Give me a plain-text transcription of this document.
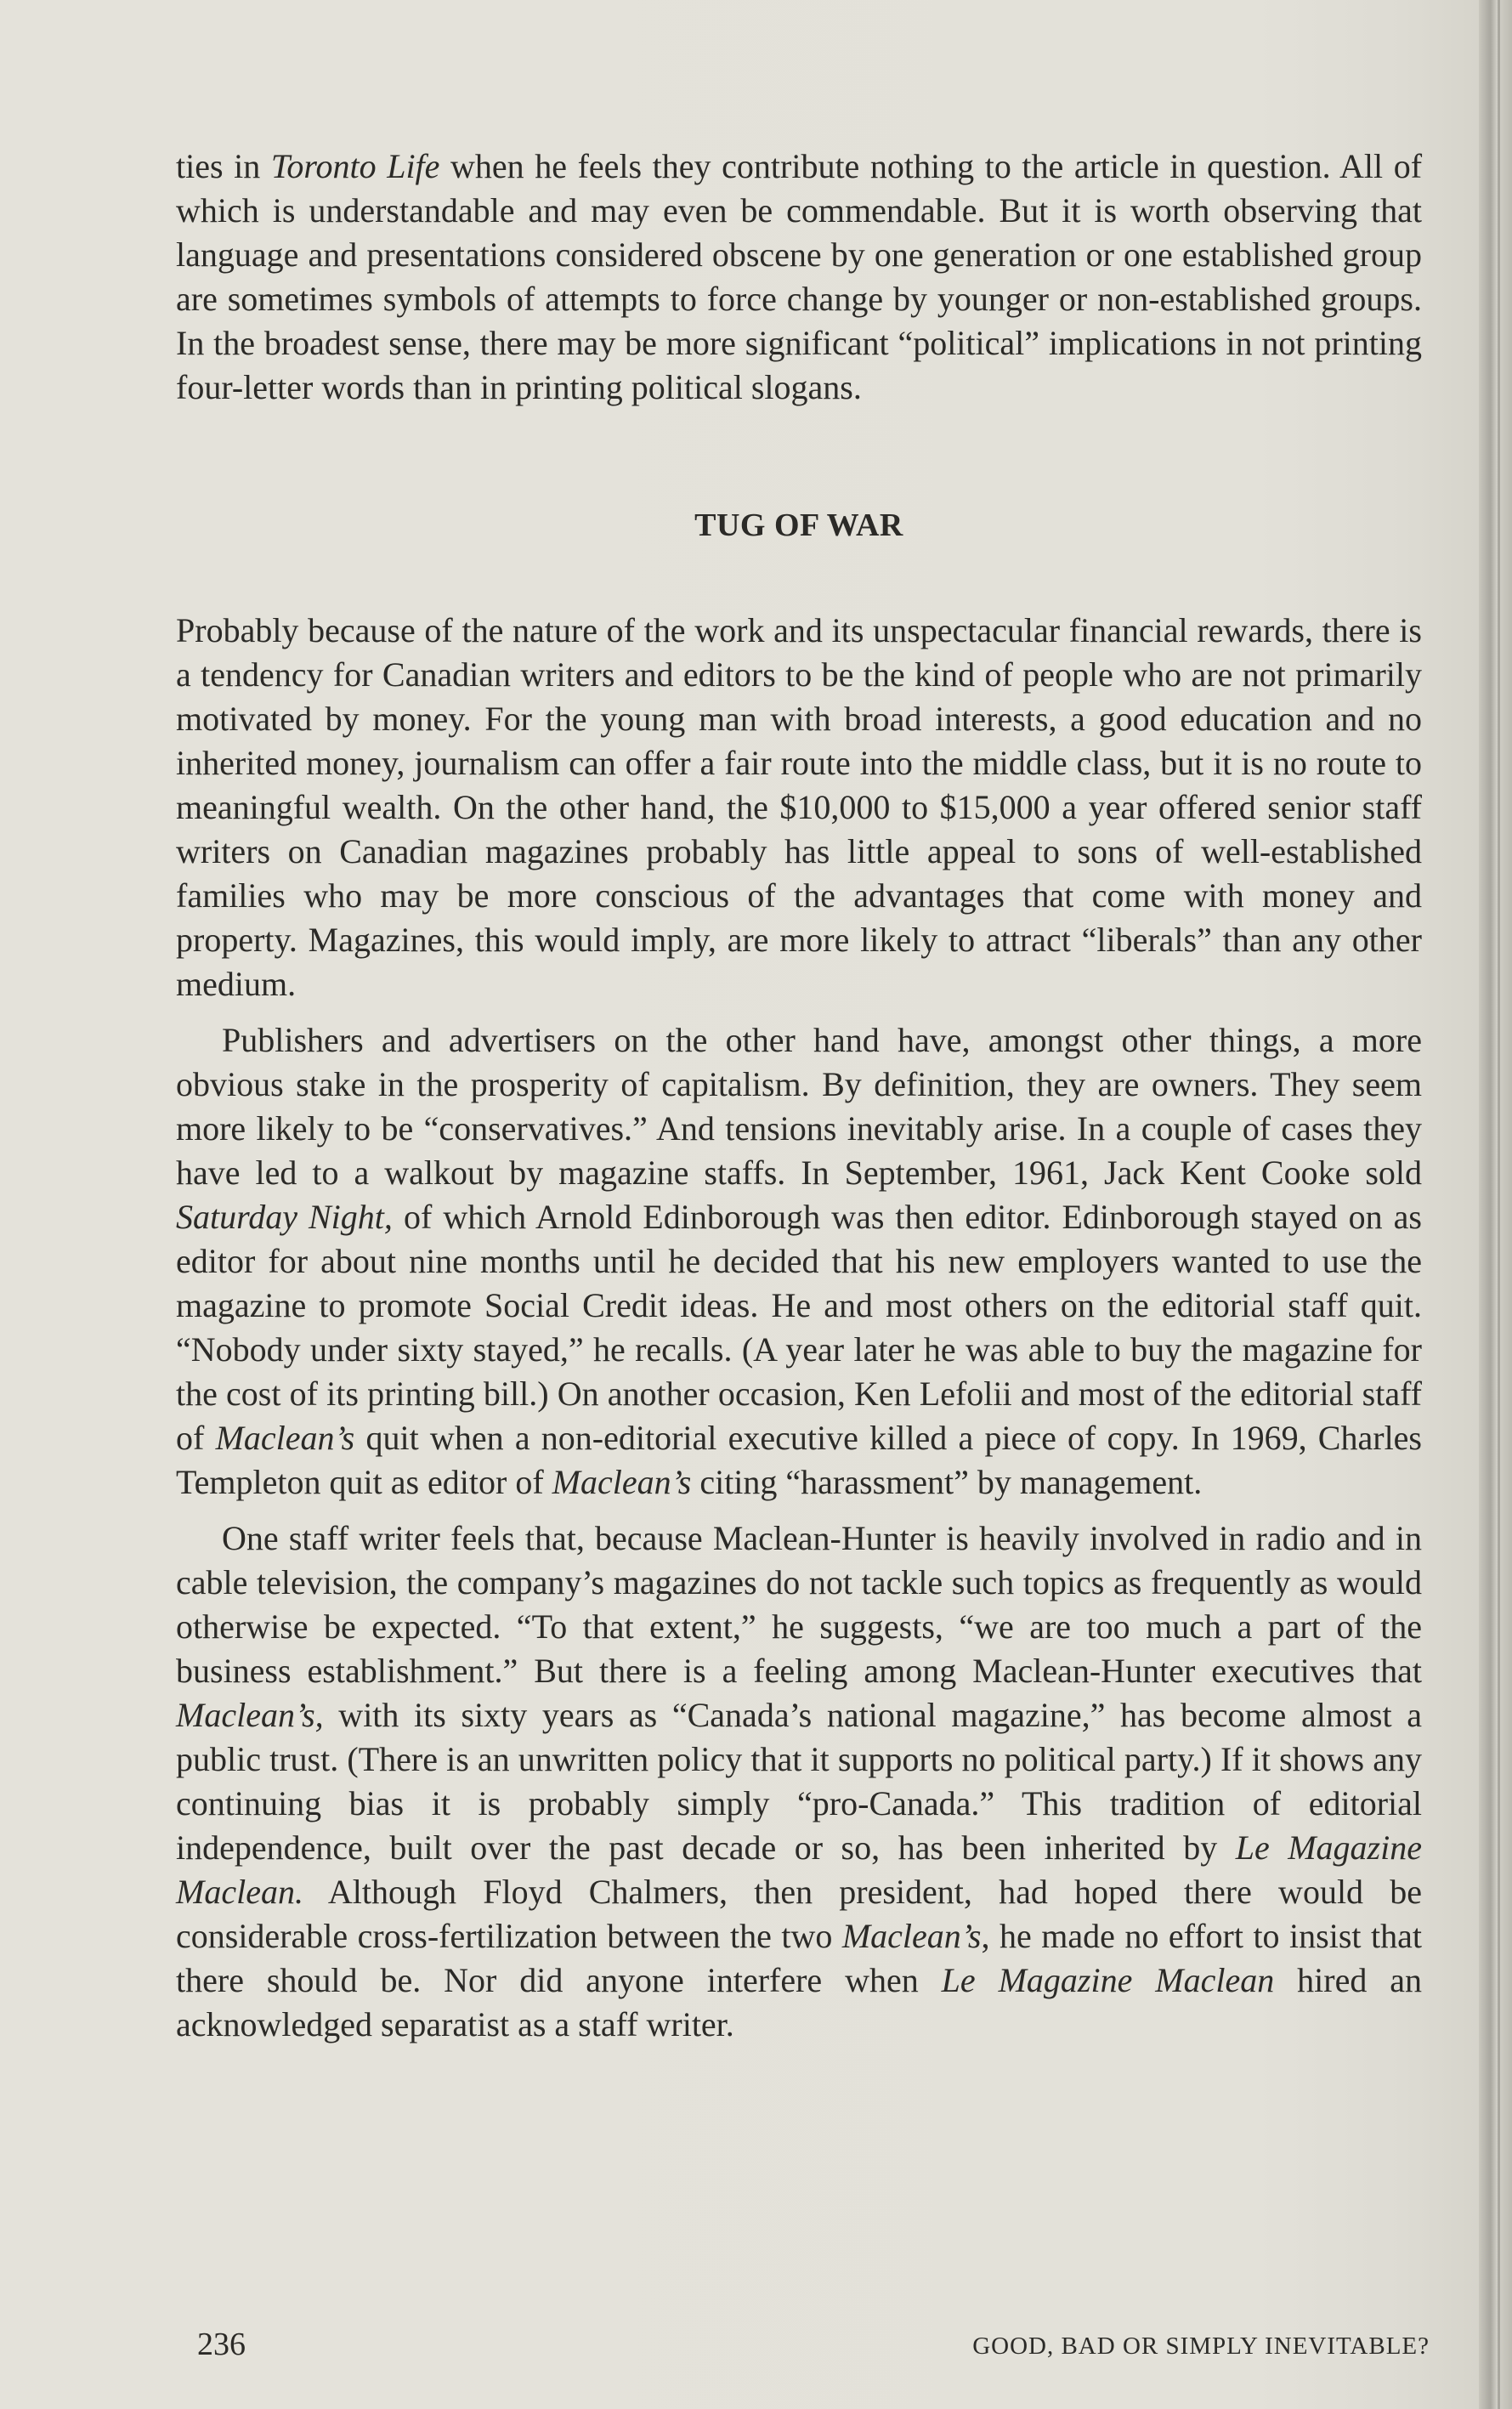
ties in Toronto Life when he feels they contribute nothing to the article in question. All of which is understandable and may even be commendable. But it is worth observing that language and presentations considered obscene by one generation or one established group are sometimes symbols of attempts to force change by younger or non-established groups. In the broadest sense, there may be more significant “political” implications in not printing four-letter words than in printing political slogans.

TUG OF WAR

Probably because of the nature of the work and its unspectacular financial rewards, there is a tendency for Canadian writers and editors to be the kind of people who are not primarily motivated by money. For the young man with broad interests, a good education and no inherited money, journalism can offer a fair route into the middle class, but it is no route to meaningful wealth. On the other hand, the $10,000 to $15,000 a year offered senior staff writers on Canadian magazines probably has little appeal to sons of well-established families who may be more conscious of the advantages that come with money and property. Magazines, this would imply, are more likely to attract “liberals” than any other medium.

Publishers and advertisers on the other hand have, amongst other things, a more obvious stake in the prosperity of capitalism. By definition, they are owners. They seem more likely to be “conservatives.” And tensions inevitably arise. In a couple of cases they have led to a walkout by magazine staffs. In September, 1961, Jack Kent Cooke sold Saturday Night, of which Arnold Edinborough was then editor. Edinborough stayed on as editor for about nine months until he decided that his new employers wanted to use the magazine to promote Social Credit ideas. He and most others on the editorial staff quit. “Nobody under sixty stayed,” he recalls. (A year later he was able to buy the magazine for the cost of its printing bill.) On another occasion, Ken Lefolii and most of the editorial staff of Maclean’s quit when a non-editorial executive killed a piece of copy. In 1969, Charles Templeton quit as editor of Maclean’s citing “harassment” by management.

One staff writer feels that, because Maclean-Hunter is heavily involved in radio and in cable television, the company’s magazines do not tackle such topics as frequently as would otherwise be expected. “To that extent,” he suggests, “we are too much a part of the business establishment.” But there is a feeling among Maclean-Hunter executives that Maclean’s, with its sixty years as “Canada’s national magazine,” has become almost a public trust. (There is an unwritten policy that it supports no political party.) If it shows any continuing bias it is probably simply “pro-Canada.” This tradition of editorial independence, built over the past decade or so, has been inherited by Le Magazine Maclean. Although Floyd Chalmers, then president, had hoped there would be considerable cross-fertilization between the two Maclean’s, he made no effort to insist that there should be. Nor did anyone interfere when Le Magazine Maclean hired an acknowledged separatist as a staff writer.

236	GOOD, BAD OR SIMPLY INEVITABLE?
